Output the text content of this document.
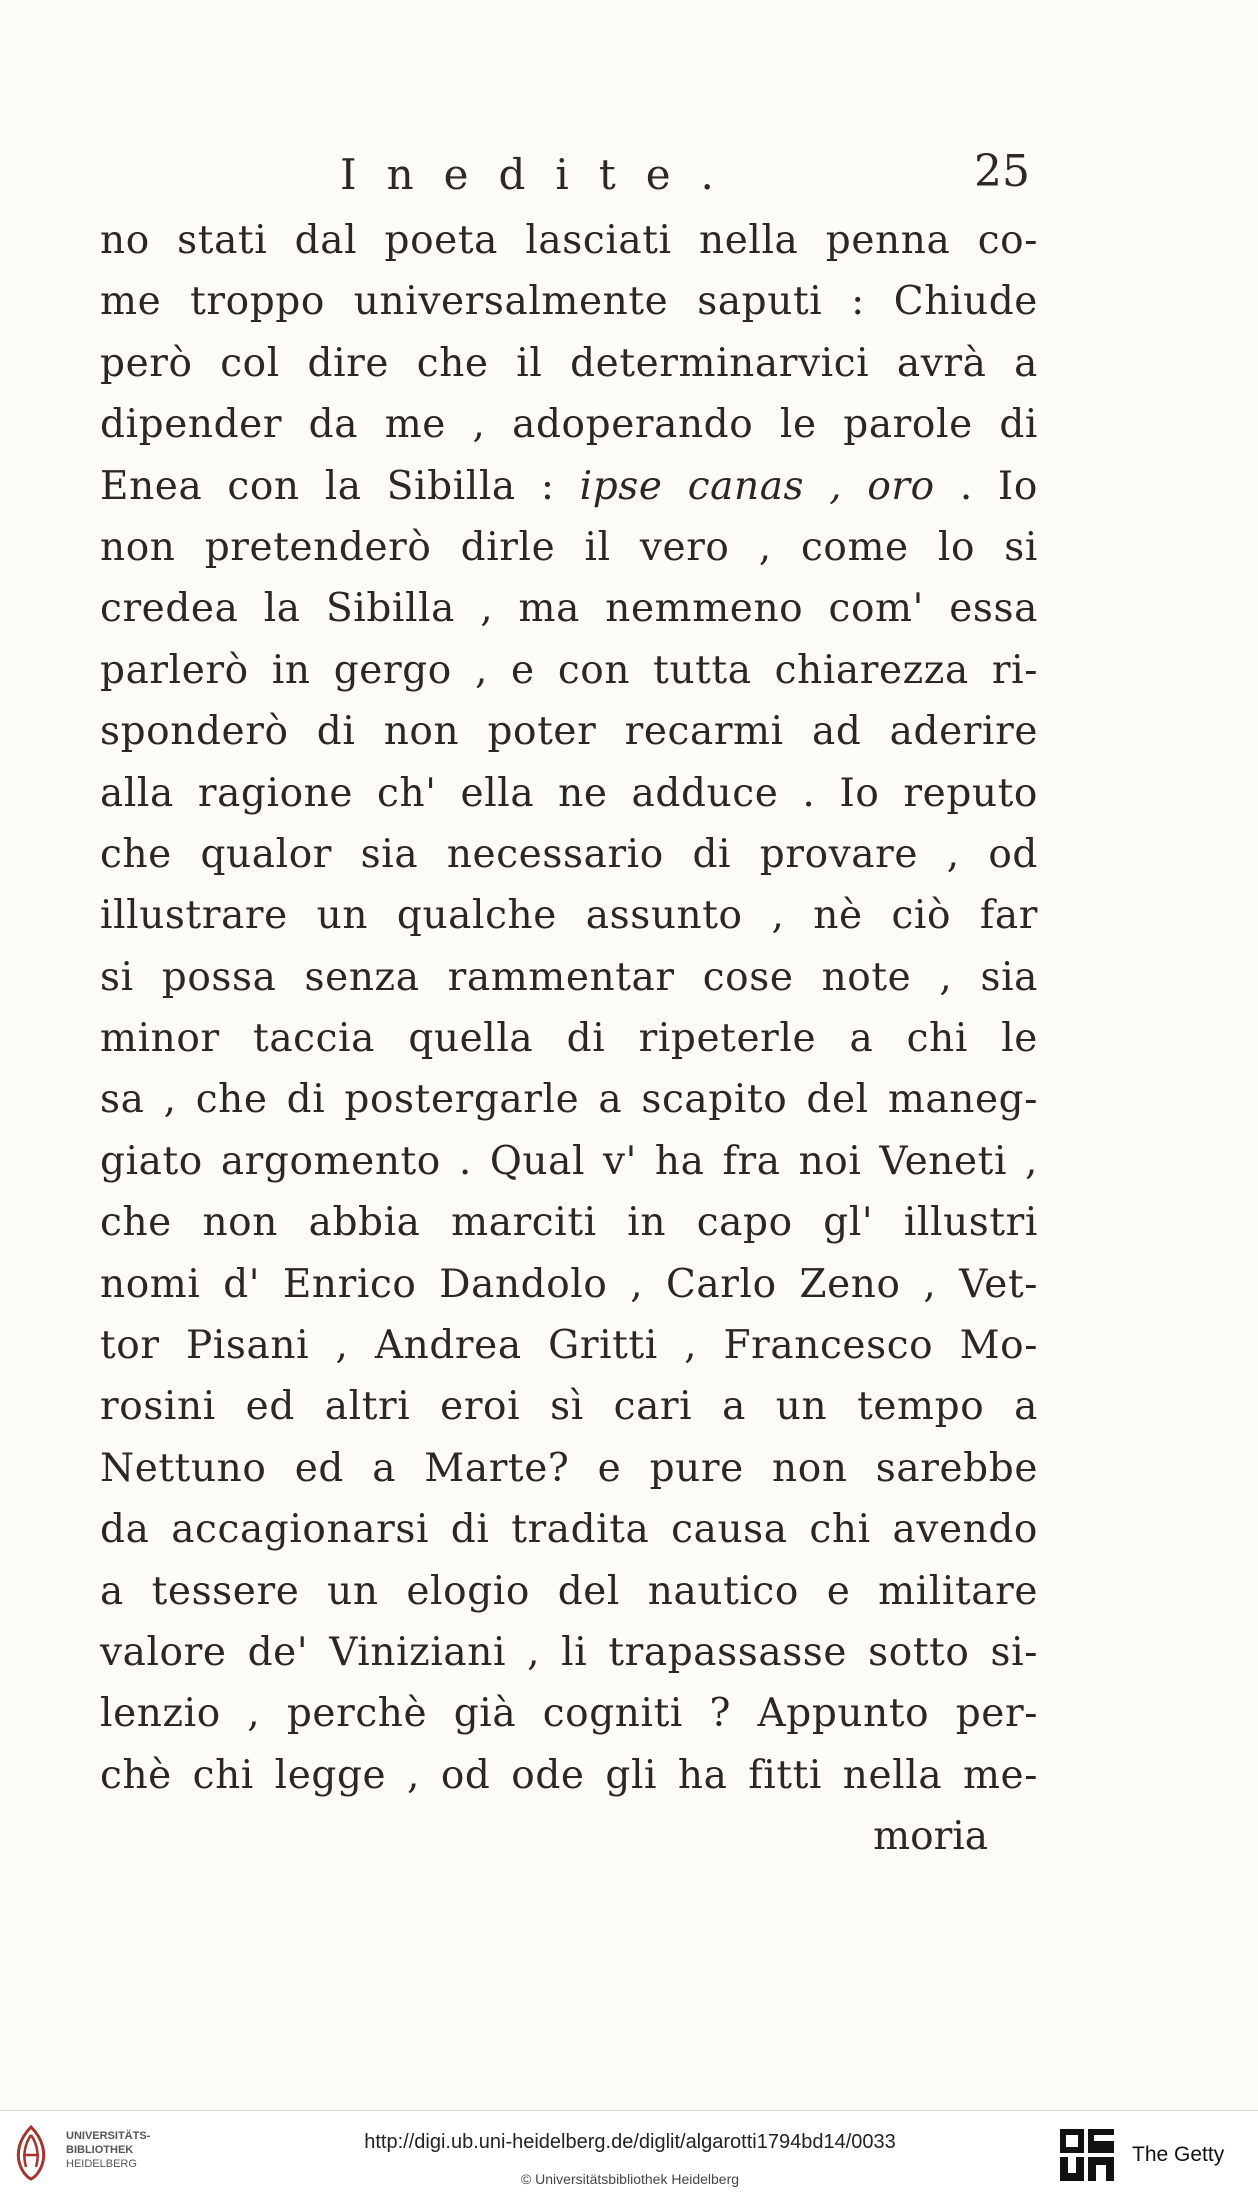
Inedite.	25
no stati dal poeta lasciati nella penna co-
me troppo universalmente saputi : Chiude
però col dire che il determinarvici avrà a
dipender da me , adoperando le parole di
Enea con la Sibilla : ipse canas , oro . Io
non pretenderò dirle il vero , come lo si
credea la Sibilla , ma nemmeno com' essa
parlerò in gergo , e con tutta chiarezza ri-
sponderò di non poter recarmi ad aderire
alla ragione ch' ella ne adduce . Io reputo
che qualor sia necessario di provare , od
illustrare un qualche assunto , nè ciò far
si possa senza rammentar cose note , sia
minor taccia quella di ripeterle a chi le
sa , che di postergarle a scapito del maneg-
giato argomento . Qual v' ha fra noi Veneti ,
che non abbia marciti in capo gl' illustri
nomi d' Enrico Dandolo , Carlo Zeno , Vet-
tor Pisani , Andrea Gritti , Francesco Mo-
rosini ed altri eroi sì cari a un tempo a
Nettuno ed a Marte? e pure non sarebbe
da accagionarsi di tradita causa chi avendo
a tessere un elogio del nautico e militare
valore de' Viniziani , li trapassasse sotto si-
lenzio , perchè già cogniti ? Appunto per-
chè chi legge , od ode gli ha fitti nella me-
moria
UNIVERSITÄTS-
BIBLIOTHEK
HEIDELBERG
http://digi.ub.uni-heidelberg.de/diglit/algarotti1794bd14/0033
© Universitätsbibliothek Heidelberg
The Getty
